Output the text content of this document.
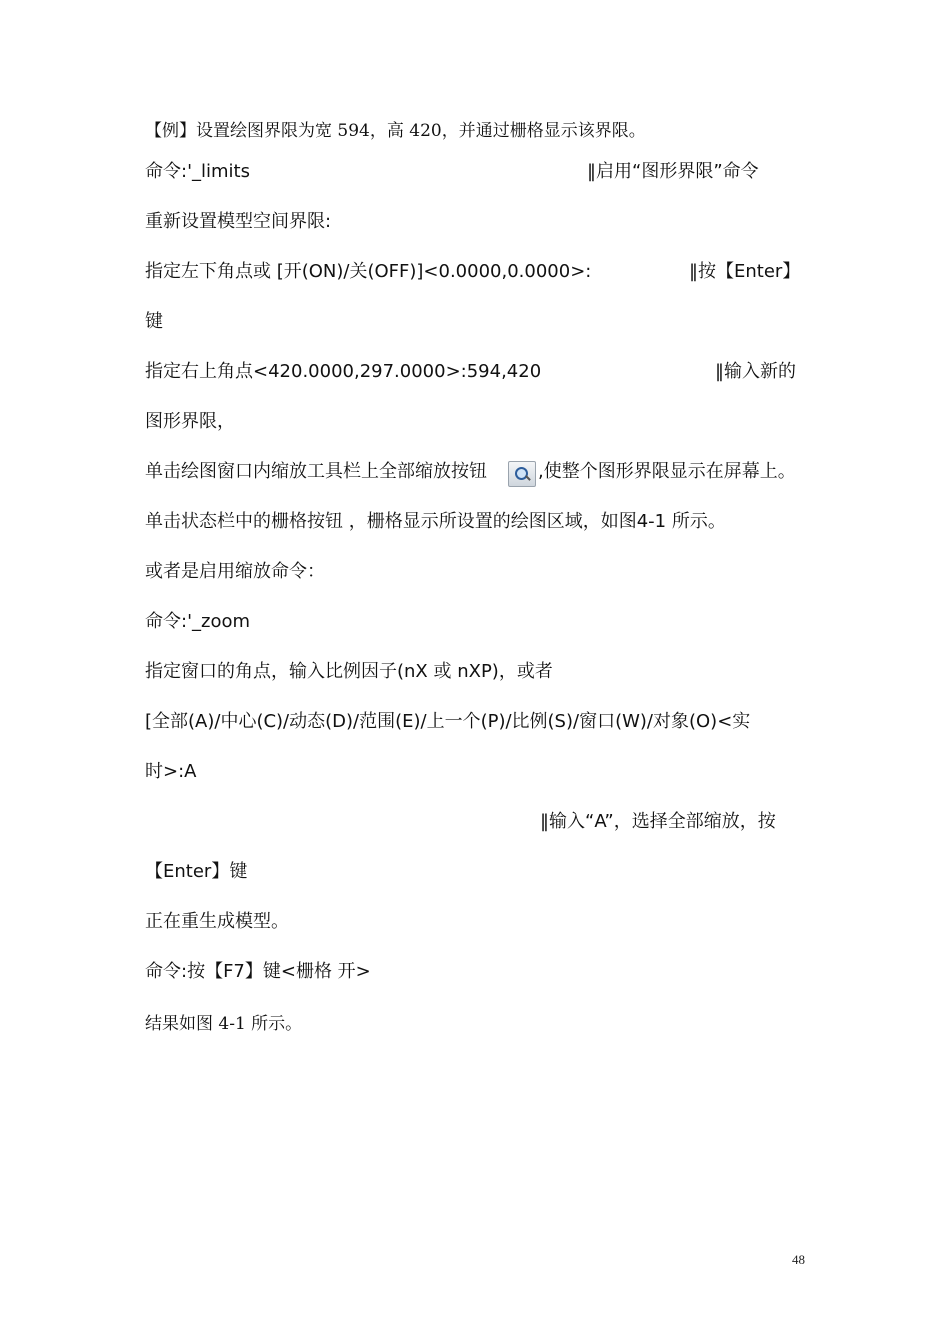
【例】设置绘图界限为宽 594，高 420，并通过栅格显示该界限。
命令:'_limits	‖启用“图形界限”命令
重新设置模型空间界限:
指定左下角点或 [开(ON)/关(OFF)]<0.0000,0.0000>:	‖按【Enter】
键
指定右上角点<420.0000,297.0000>:594,420	‖输入新的
图形界限，
单击绘图窗口内缩放工具栏上全部缩放按钮	,使整个图形界限显示在屏幕上。
单击状态栏中的栅格按钮 ，栅格显示所设置的绘图区域，如图4-1 所示。
或者是启用缩放命令：
命令:'_zoom
指定窗口的角点，输入比例因子(nX 或 nXP)，或者
[全部(A)/中心(C)/动态(D)/范围(E)/上一个(P)/比例(S)/窗口(W)/对象(O)<实
时>:A
‖输入“A”，选择全部缩放，按
【Enter】键
正在重生成模型。
命令:按【F7】键<栅格 开>
结果如图 4-1 所示。
48
